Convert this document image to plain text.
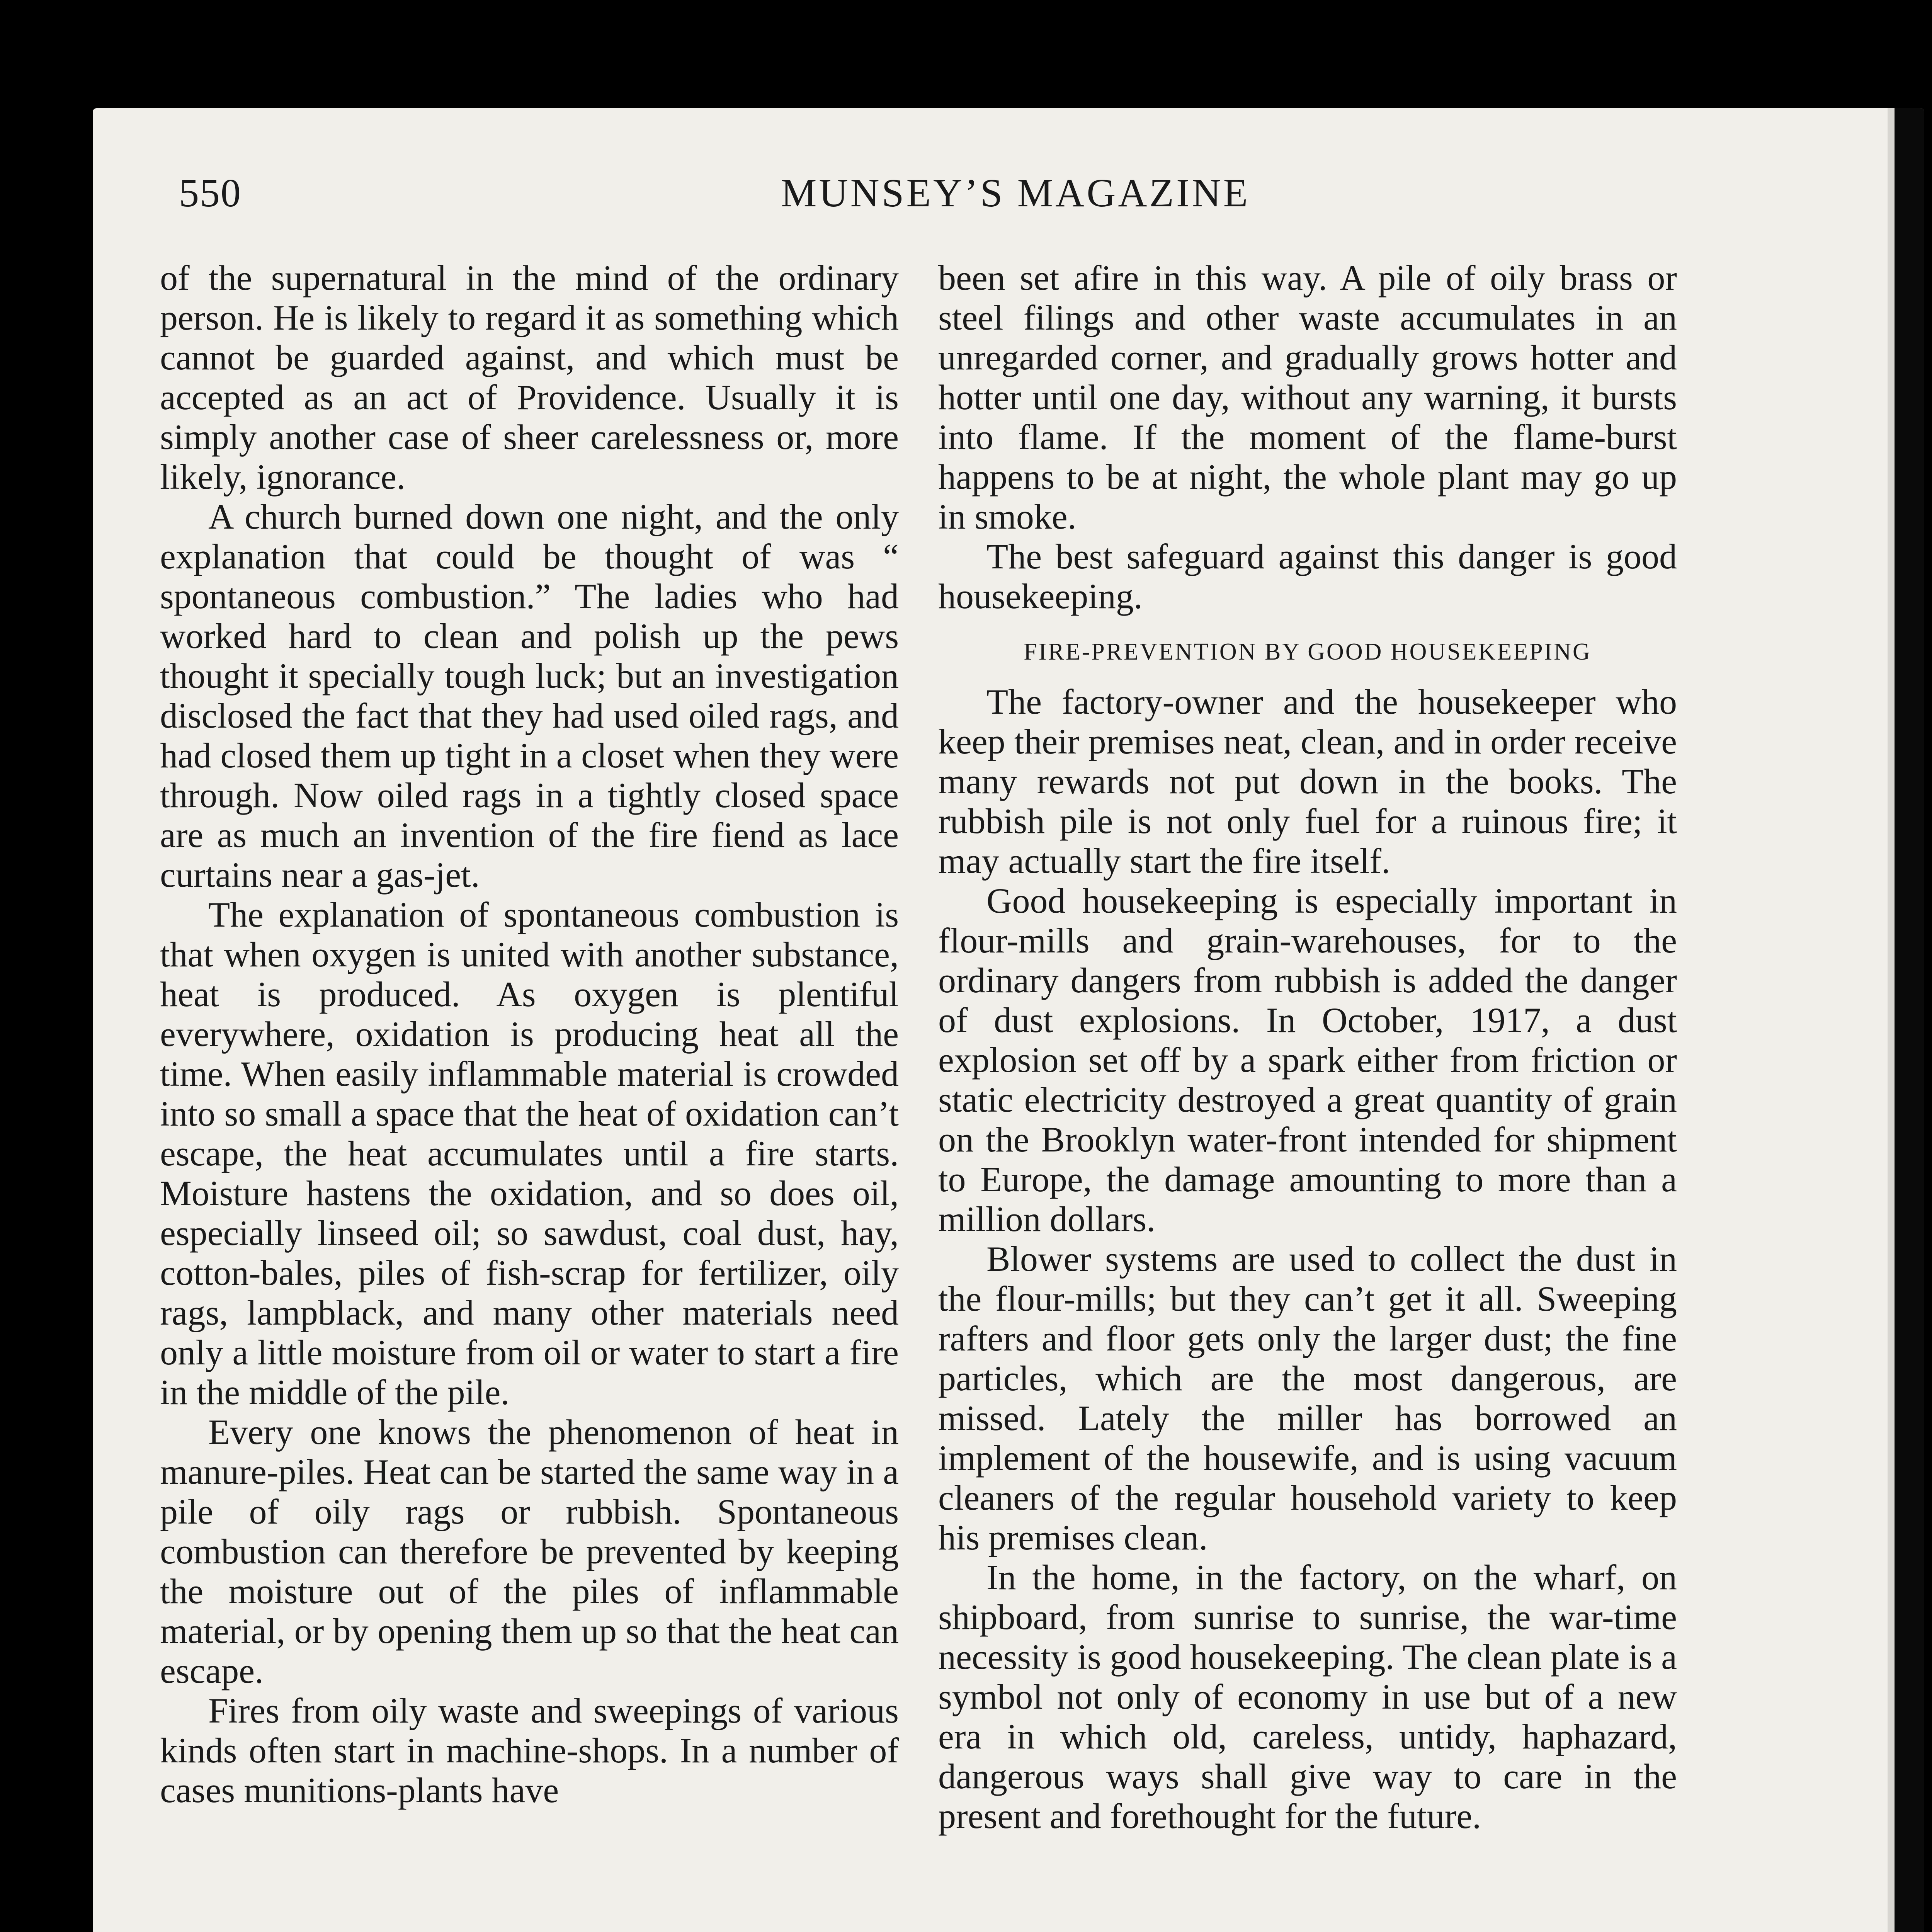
550	MUNSEY’S MAGAZINE

of the supernatural in the mind of the ordinary person. He is likely to regard it as something which cannot be guarded against, and which must be accepted as an act of Providence. Usually it is simply another case of sheer carelessness or, more likely, ignorance.

A church burned down one night, and the only explanation that could be thought of was “ spontaneous combustion.” The ladies who had worked hard to clean and polish up the pews thought it specially tough luck; but an investigation disclosed the fact that they had used oiled rags, and had closed them up tight in a closet when they were through. Now oiled rags in a tightly closed space are as much an invention of the fire fiend as lace curtains near a gas-jet.

The explanation of spontaneous combustion is that when oxygen is united with another substance, heat is produced. As oxygen is plentiful everywhere, oxidation is producing heat all the time. When easily inflammable material is crowded into so small a space that the heat of oxidation can’t escape, the heat accumulates until a fire starts. Moisture hastens the oxidation, and so does oil, especially linseed oil; so sawdust, coal dust, hay, cotton-bales, piles of fish-scrap for fertilizer, oily rags, lampblack, and many other materials need only a little moisture from oil or water to start a fire in the middle of the pile.

Every one knows the phenomenon of heat in manure-piles. Heat can be started the same way in a pile of oily rags or rubbish. Spontaneous combustion can therefore be prevented by keeping the moisture out of the piles of inflammable material, or by opening them up so that the heat can escape.

Fires from oily waste and sweepings of various kinds often start in machine-shops. In a number of cases munitions-plants have

been set afire in this way. A pile of oily brass or steel filings and other waste accumulates in an unregarded corner, and gradually grows hotter and hotter until one day, without any warning, it bursts into flame. If the moment of the flame-burst happens to be at night, the whole plant may go up in smoke.

The best safeguard against this danger is good housekeeping.

FIRE-PREVENTION BY GOOD HOUSEKEEPING

The factory-owner and the housekeeper who keep their premises neat, clean, and in order receive many rewards not put down in the books. The rubbish pile is not only fuel for a ruinous fire; it may actually start the fire itself.

Good housekeeping is especially important in flour-mills and grain-warehouses, for to the ordinary dangers from rubbish is added the danger of dust explosions. In October, 1917, a dust explosion set off by a spark either from friction or static electricity destroyed a great quantity of grain on the Brooklyn water-front intended for shipment to Europe, the damage amounting to more than a million dollars.

Blower systems are used to collect the dust in the flour-mills; but they can’t get it all. Sweeping rafters and floor gets only the larger dust; the fine particles, which are the most dangerous, are missed. Lately the miller has borrowed an implement of the housewife, and is using vacuum cleaners of the regular household variety to keep his premises clean.

In the home, in the factory, on the wharf, on shipboard, from sunrise to sunrise, the war-time necessity is good housekeeping. The clean plate is a symbol not only of economy in use but of a new era in which old, careless, untidy, haphazard, dangerous ways shall give way to care in the present and forethought for the future.
